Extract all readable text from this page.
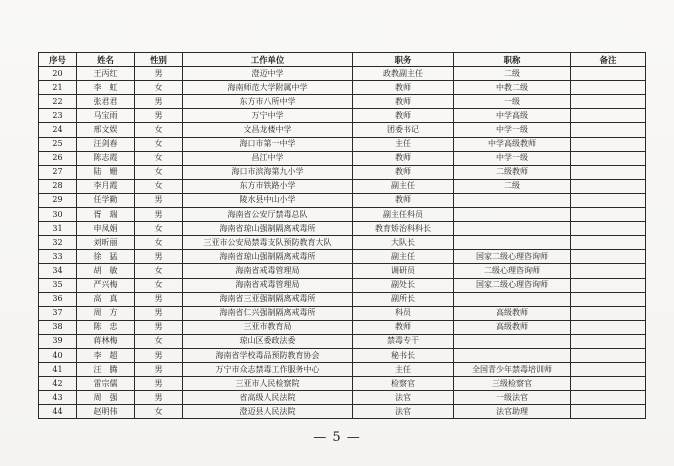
序号	姓名	性别	工作单位	职务	职称	备注
20	王丙红	男	澄迈中学	政教副主任	二级	
21	李　虹	女	海南师范大学附属中学	教师	中教二级	
22	张君君	男	东方市八所中学	教师	一级	
23	马宝雨	男	万宁中学	教师	中学高级	
24	邢文娱	女	文昌龙楼中学	团委书记	中学一级	
25	汪剑春	女	海口市第一中学	主任	中学高级教师	
26	陈志霞	女	昌江中学	教师	中学一级	
27	陆　姗	女	海口市滨海第九小学	教师	二级教师	
28	李月霞	女	东方市铁路小学	副主任	二级	
29	任学勤	男	陵水县中山小学	教师		
30	胥　瑞	男	海南省公安厅禁毒总队	副主任科员		
31	申凤娟	女	海南省琼山强制隔离戒毒所	教育矫治科科长		
32	刘昕丽	女	三亚市公安局禁毒支队预防教育大队	大队长		
33	徐　猛	男	海南省琼山强制隔离戒毒所	副主任	国家二级心理咨询师	
34	胡　敏	女	海南省戒毒管理局	调研员	二级心理咨询师	
35	严兴梅	女	海南省戒毒管理局	副处长	国家二级心理咨询师	
36	高　真	男	海南省三亚强制隔离戒毒所	副所长		
37	周　方	男	海南省仁兴强制隔离戒毒所	科员	高级教师	
38	陈　忠	男	三亚市教育局	教师	高级教师	
39	蒋林梅	女	琼山区委政法委	禁毒专干		
40	李　超	男	海南省学校毒品预防教育协会	秘书长		
41	汪　腾	男	万宁市众志禁毒工作服务中心	主任	全国青少年禁毒培训师	
42	雷宗儒	男	三亚市人民检察院	检察官	三级检察官	
43	周　强	男	省高级人民法院	法官	一级法官	
44	赵明伟	女	澄迈县人民法院	法官	法官助理	
— 5 —
